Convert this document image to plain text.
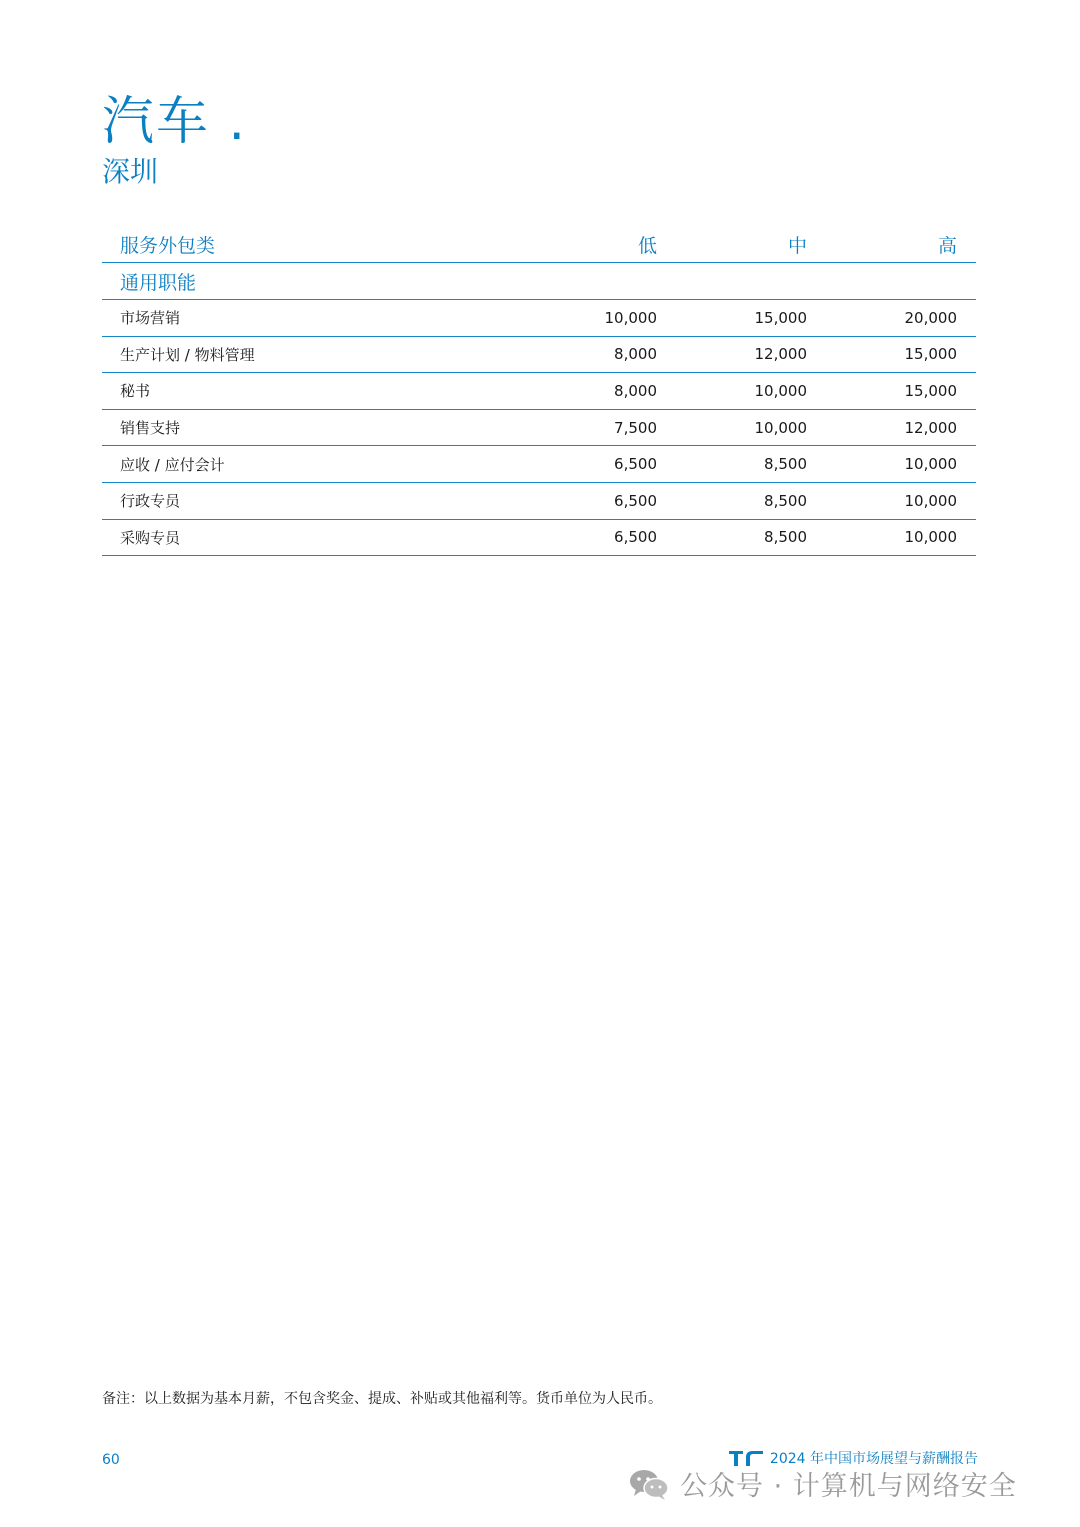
汽车 .
深圳
服务外包类	低	中	高
通用职能
市场营销	10,000	15,000	20,000
生产计划 / 物料管理	8,000	12,000	15,000
秘书	8,000	10,000	15,000
销售支持	7,500	10,000	12,000
应收 / 应付会计	6,500	8,500	10,000
行政专员	6,500	8,500	10,000
采购专员	6,500	8,500	10,000
备注：以上数据为基本月薪，不包含奖金、提成、补贴或其他福利等。货币单位为人民币。
60	2024 年中国市场展望与薪酬报告
公众号 · 计算机与网络安全
